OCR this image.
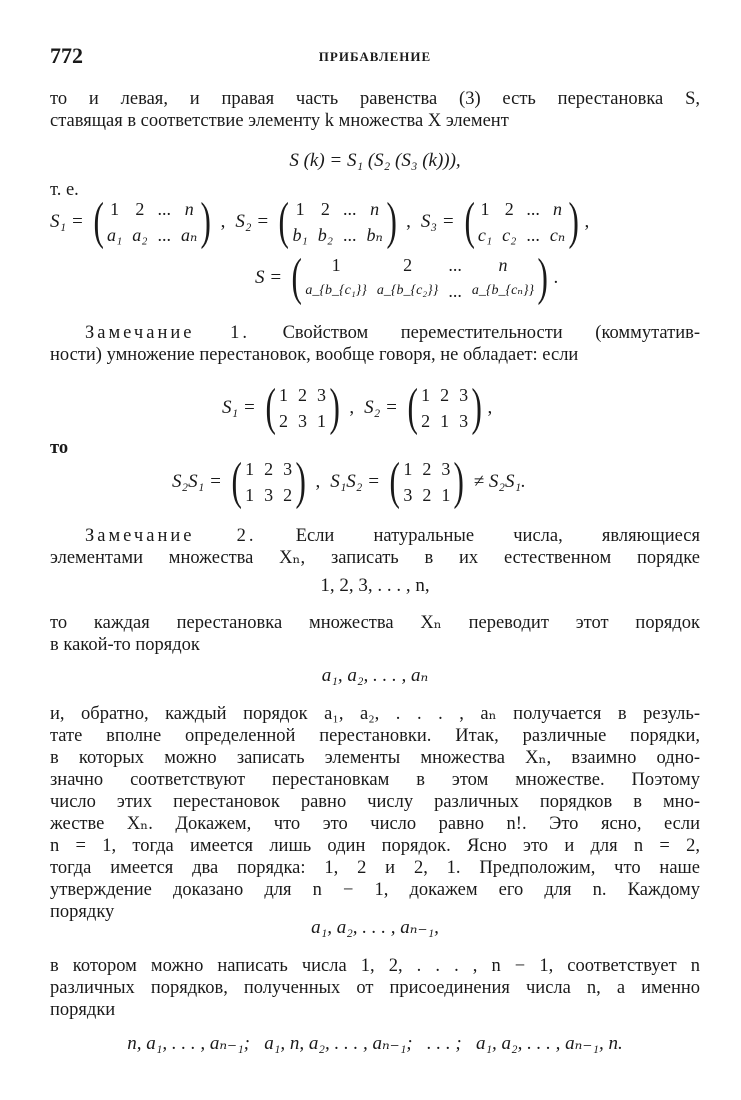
772	ПРИБАВЛЕНИЕ
то и левая, и правая часть равенства (3) есть перестановка S,
ставящая в соответствие элементу k множества X элемент
S (k) = S₁ (S₂ (S₃ (k))),
т. е.
S₁ = ( 1 2 ... n
a₁ a₂ ... aₙ ) , S₂ = ( 1 2 ... n
b₁ b₂ ... bₙ ) , S₃ = ( 1 2 ... n
c₁ c₂ ... cₙ ) ,
S = (	1	2	...	n
a_{b_{c₁}} a_{b_{c₂}} ... a_{b_{cₙ}} ) .
Замечание 1. Свойством переместительности (коммутатив-
ности) умножение перестановок, вообще говоря, не обладает: если
S₁ = ( 1 2 3
2 3 1 ) , S₂ = ( 1 2 3
2 1 3 ) ,
то
S₂S₁ = ( 1 2 3
1 3 2 ) , S₁S₂ = ( 1 2 3
3 2 1 ) ≠ S₂S₁.
Замечание 2. Если натуральные числа, являющиеся
элементами множества Xₙ, записать в их естественном порядке
1, 2, 3, . . . , n,
то каждая перестановка множества Xₙ переводит этот порядок
в какой-то порядок
a₁, a₂, . . . , aₙ
и, обратно, каждый порядок a₁, a₂, . . . , aₙ получается в резуль-
тате вполне определенной перестановки. Итак, различные порядки,
в которых можно записать элементы множества Xₙ, взаимно одно-
значно соответствуют перестановкам в этом множестве. Поэтому
число этих перестановок равно числу различных порядков в мно-
жестве Xₙ. Докажем, что это число равно n!. Это ясно, если
n = 1, тогда имеется лишь один порядок. Ясно это и для n = 2,
тогда имеется два порядка: 1, 2 и 2, 1. Предположим, что наше
утверждение доказано для n − 1, докажем его для n. Каждому
порядку
a₁, a₂, . . . , aₙ₋₁,
в котором можно написать числа 1, 2, . . . , n − 1, соответствует n
различных порядков, полученных от присоединения числа n, а именно
порядки
n, a₁, . . . , aₙ₋₁;   a₁, n, a₂, . . . , aₙ₋₁;   . . . ;   a₁, a₂, . . . , aₙ₋₁, n.
